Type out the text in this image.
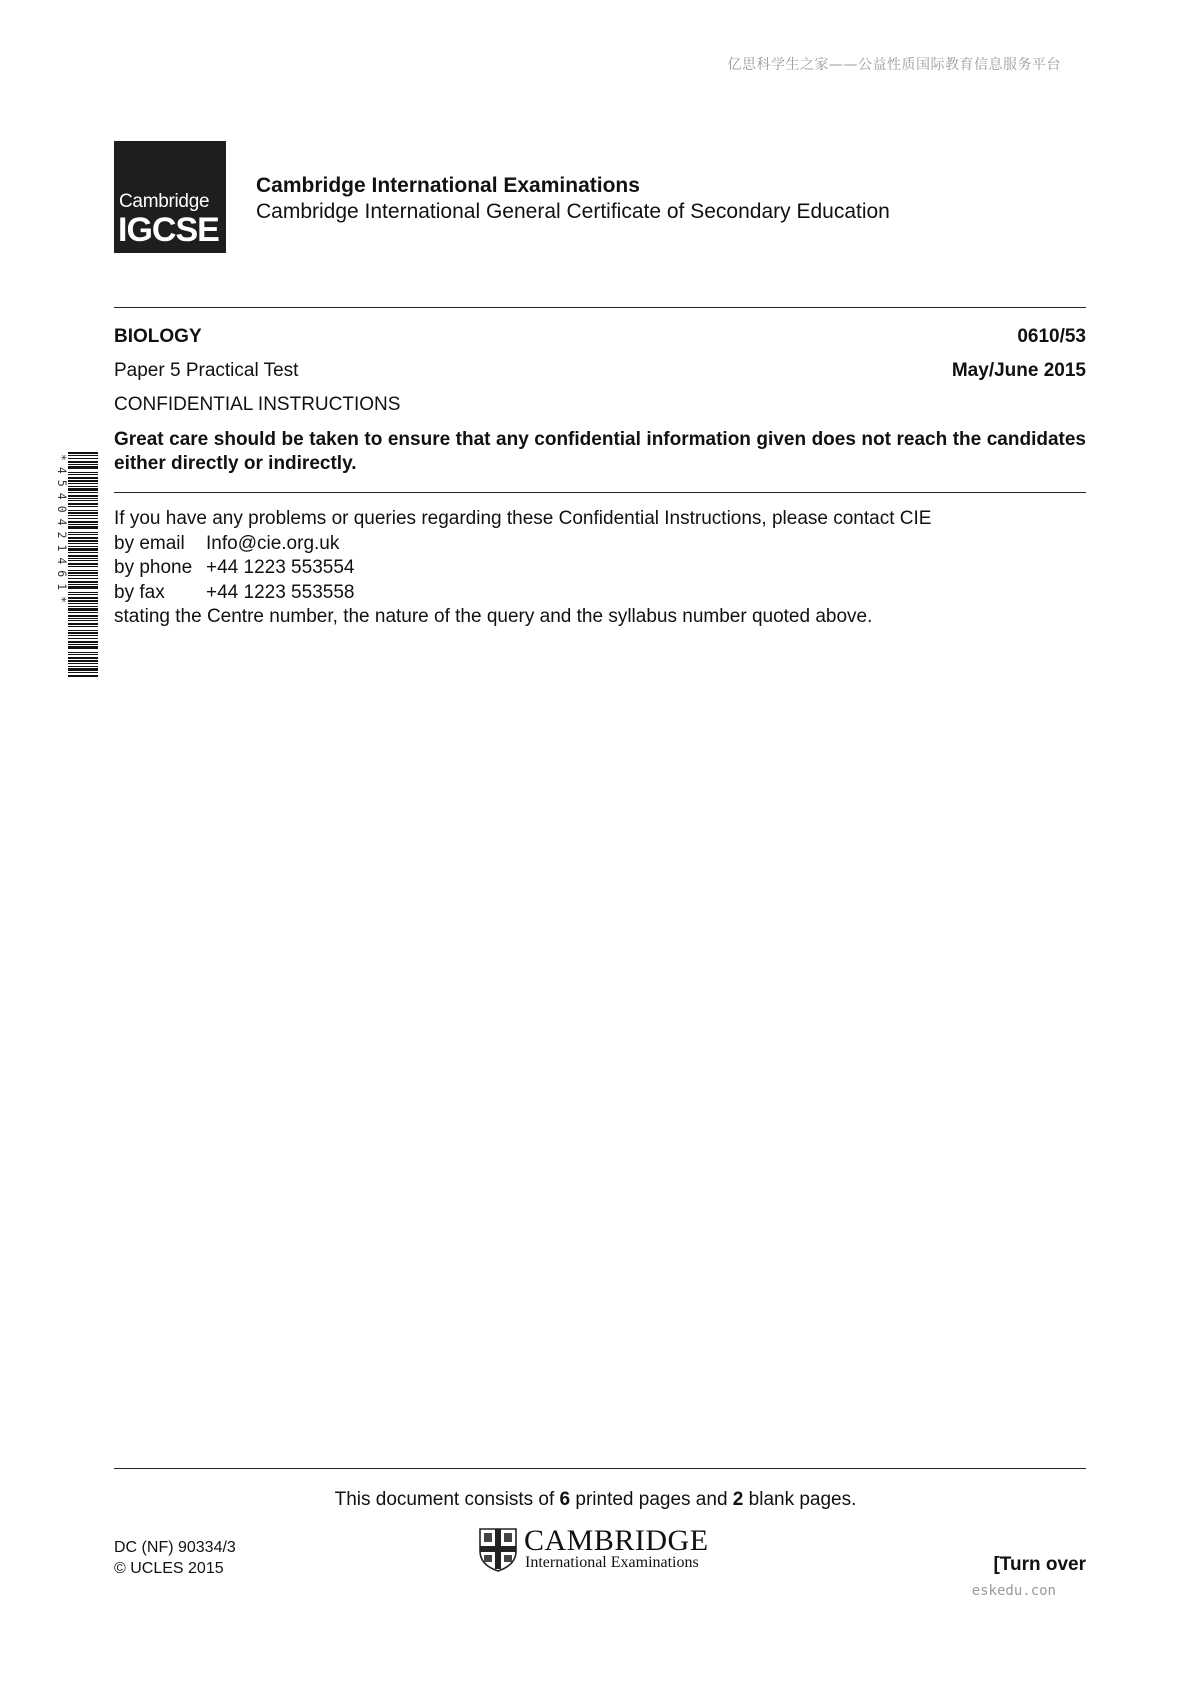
亿思科学生之家——公益性质国际教育信息服务平台
Cambridge
IGCSE
Cambridge International Examinations
Cambridge International General Certificate of Secondary Education
BIOLOGY	0610/53
Paper 5 Practical Test	May/June 2015
CONFIDENTIAL INSTRUCTIONS
Great care should be taken to ensure that any confidential information given does not reach the candidates either directly or indirectly.
*4540421461* If you have any problems or queries regarding these Confidential Instructions, please contact CIE
by email	Info@cie.org.uk
by phone +44 1223 553554
by fax	+44 1223 553558
stating the Centre number, the nature of the query and the syllabus number quoted above.
This document consists of 6 printed pages and 2 blank pages.
DC (NF) 90334/3
© UCLES 2015
CAMBRIDGE
International Examinations	[Turn over
eskedu.con
